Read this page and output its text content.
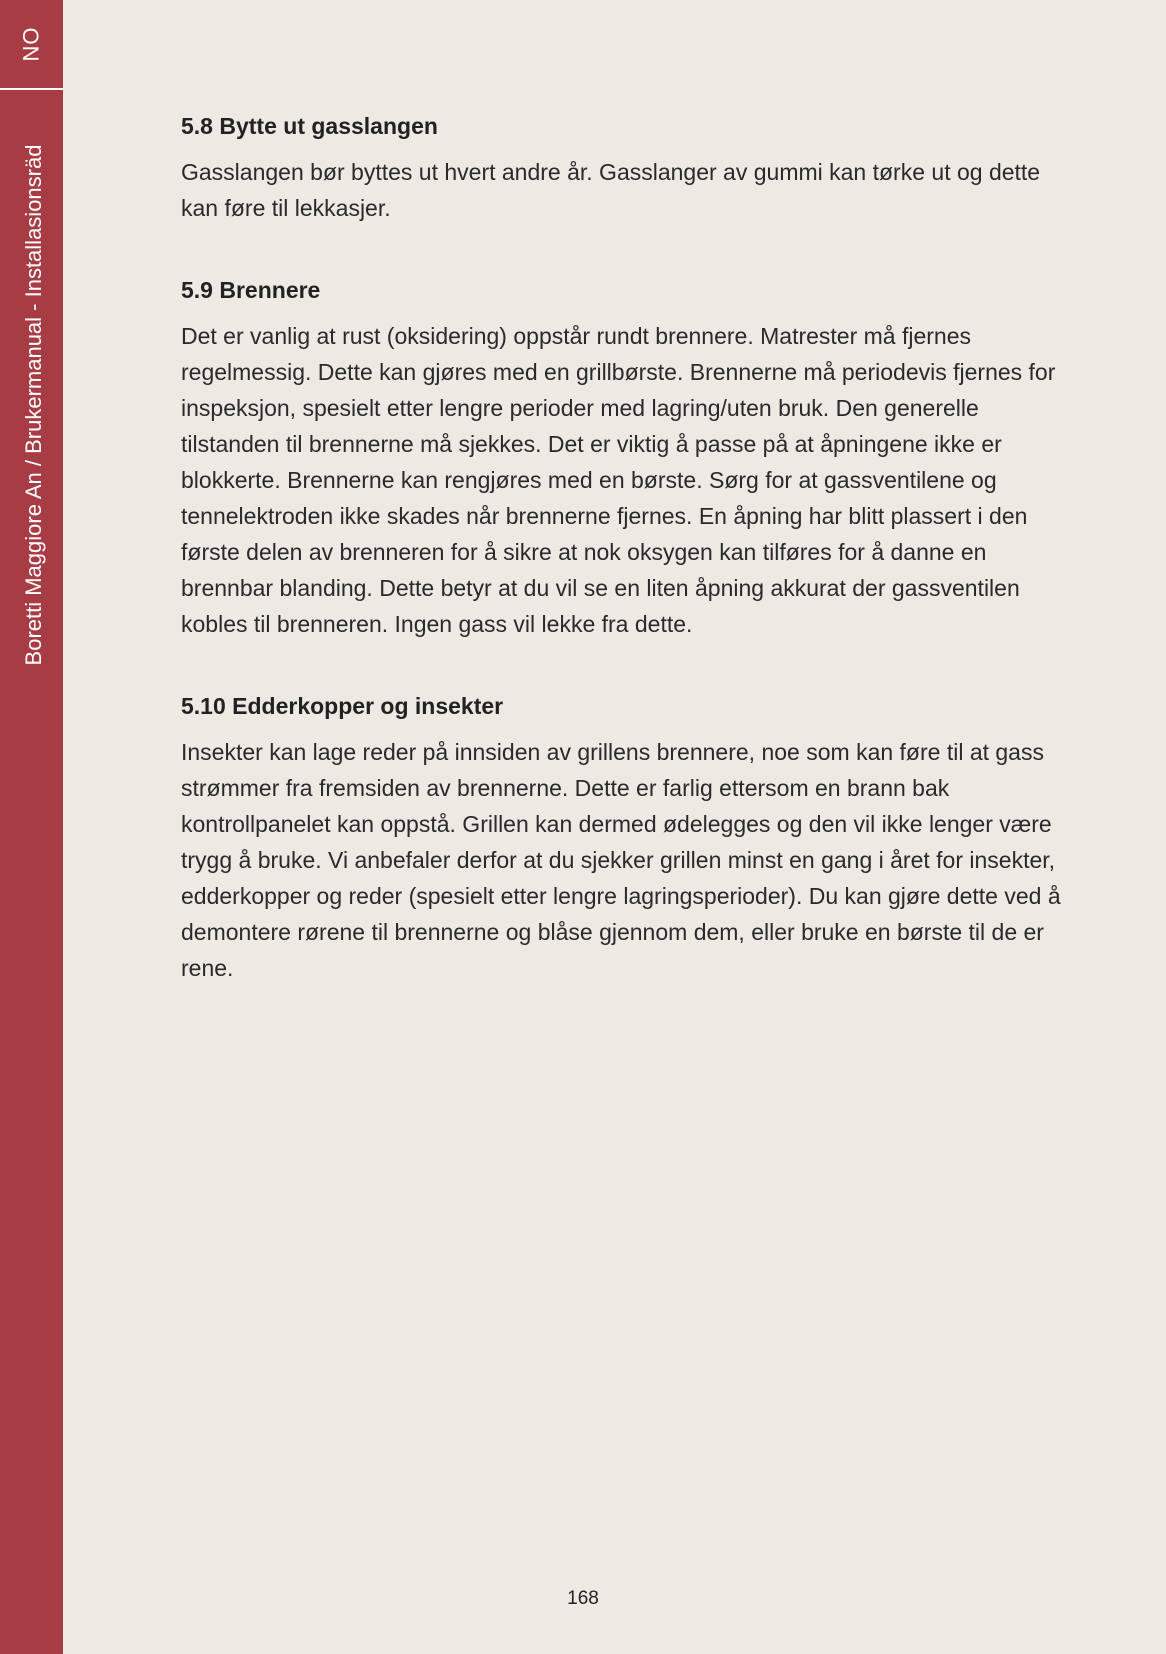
NO
Boretti Maggiore An / Brukermanual - Installasionsräd
5.8 Bytte ut gasslangen

Gasslangen bør byttes ut hvert andre år. Gasslanger av gummi kan tørke ut og dette kan føre til lekkasjer.

5.9 Brennere

Det er vanlig at rust (oksidering) oppstår rundt brennere. Matrester må fjernes regelmessig. Dette kan gjøres med en grillbørste. Brennerne må periodevis fjernes for inspeksjon, spesielt etter lengre perioder med lagring/uten bruk. Den generelle tilstanden til brennerne må sjekkes. Det er viktig å passe på at åpningene ikke er blokkerte. Brennerne kan rengjøres med en børste. Sørg for at gassventilene og tennelektroden ikke skades når brennerne fjernes. En åpning har blitt plassert i den første delen av brenneren for å sikre at nok oksygen kan tilføres for å danne en brennbar blanding. Dette betyr at du vil se en liten åpning akkurat der gassventilen kobles til brenneren. Ingen gass vil lekke fra dette.

5.10 Edderkopper og insekter

Insekter kan lage reder på innsiden av grillens brennere, noe som kan føre til at gass strømmer fra fremsiden av brennerne. Dette er farlig ettersom en brann bak kontrollpanelet kan oppstå. Grillen kan dermed ødelegges og den vil ikke lenger være trygg å bruke. Vi anbefaler derfor at du sjekker grillen minst en gang i året for insekter, edderkopper og reder (spesielt etter lengre lagringsperioder). Du kan gjøre dette ved å demontere rørene til brennerne og blåse gjennom dem, eller bruke en børste til de er rene.

168
